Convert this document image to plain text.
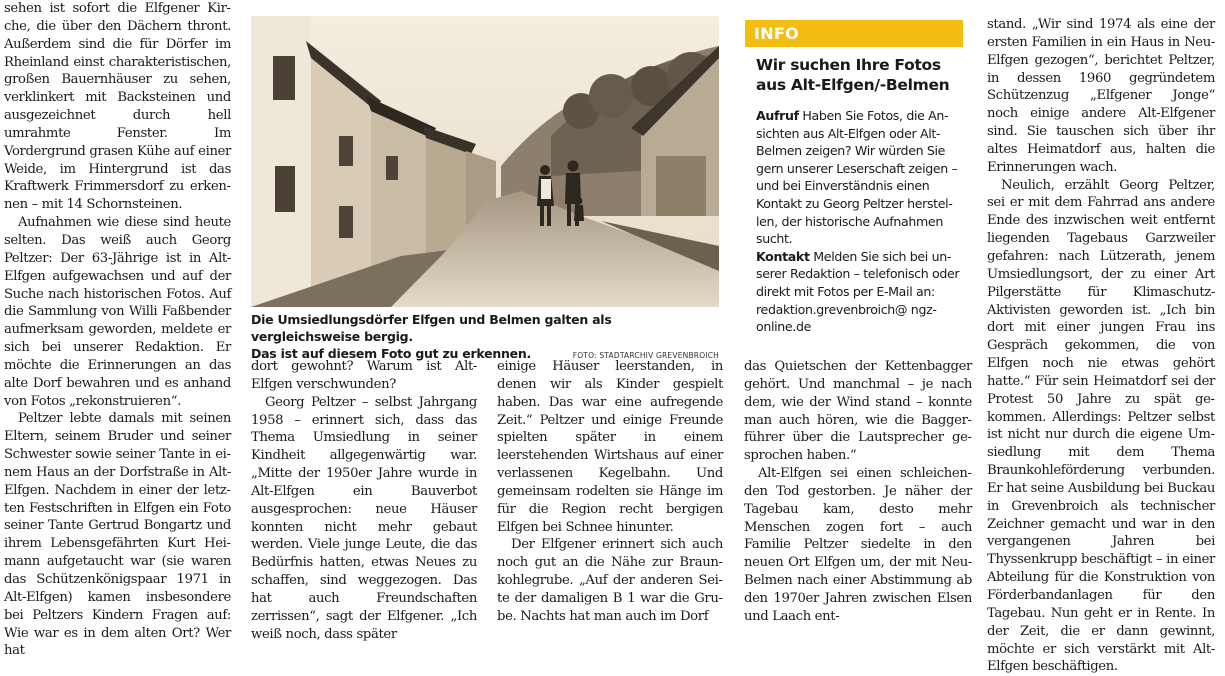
sehen ist sofort die Elfgener Kirche, die über den Dächern thront. Außerdem sind die für Dörfer im Rheinland einst charakteristischen, großen Bauernhäuser zu sehen, verklinkert mit Backsteinen und ausgezeichnet durch hell umrahmte Fenster. Im Vordergrund grasen Kühe auf einer Weide, im Hintergrund ist das Kraftwerk Frimmersdorf zu erkennen – mit 14 Schornsteinen.

Aufnahmen wie diese sind heute selten. Das weiß auch Georg Peltzer: Der 63-Jährige ist in Alt-Elfgen aufgewachsen und auf der Suche nach historischen Fotos. Auf die Sammlung von Willi Faßbender aufmerksam geworden, meldete er sich bei unserer Redaktion. Er möchte die Erinnerungen an das alte Dorf bewahren und es anhand von Fotos „rekonstruieren“.

Peltzer lebte damals mit seinen Eltern, seinem Bruder und seiner Schwester sowie seiner Tante in einem Haus an der Dorfstraße in Alt-Elfgen. Nachdem in einer der letzten Festschriften in Elfgen ein Foto seiner Tante Gertrud Bongartz und ihrem Lebensgefährten Kurt Heimann aufgetaucht war (sie waren das Schützenkönigspaar 1971 in Alt-Elfgen) kamen insbesondere bei Peltzers Kindern Fragen auf: Wie war es in dem alten Ort? Wer hat

Die Umsiedlungsdörfer Elfgen und Belmen galten als vergleichsweise bergig.
Das ist auf diesem Foto gut zu erkennen.	FOTO: STADTARCHIV GREVENBROICH
INFO
Wir suchen Ihre Fotos aus Alt-Elfgen/-Belmen

Aufruf Haben Sie Fotos, die Ansichten aus Alt-Elfgen oder Alt-Belmen zeigen? Wir würden Sie gern unserer Leserschaft zeigen – und bei Einverständnis einen Kontakt zu Georg Peltzer herstellen, der historische Aufnahmen sucht.

Kontakt Melden Sie sich bei unserer Redaktion – telefonisch oder direkt mit Fotos per E-Mail an: redaktion.grevenbroich@ ngz-online.de

dort gewohnt? Warum ist Alt-Elfgen verschwunden?

Georg Peltzer – selbst Jahrgang 1958 – erinnert sich, dass das Thema Umsiedlung in seiner Kindheit allgegenwärtig war. „Mitte der 1950er Jahre wurde in Alt-Elfgen ein Bauverbot ausgesprochen: neue Häuser konnten nicht mehr gebaut werden. Viele junge Leute, die das Bedürfnis hatten, etwas Neues zu schaffen, sind weggezogen. Das hat auch Freundschaften zerrissen“, sagt der Elfgener. „Ich weiß noch, dass später

einige Häuser leerstanden, in denen wir als Kinder gespielt haben. Das war eine aufregende Zeit.“ Peltzer und einige Freunde spielten später in einem leerstehenden Wirtshaus auf einer verlassenen Kegelbahn. Und gemeinsam rodelten sie Hänge im für die Region recht bergigen Elfgen bei Schnee hinunter.

Der Elfgener erinnert sich auch noch gut an die Nähe zur Braunkohlegrube. „Auf der anderen Seite der damaligen B 1 war die Grube. Nachts hat man auch im Dorf

das Quietschen der Kettenbagger gehört. Und manchmal – je nach dem, wie der Wind stand – konnte man auch hören, wie die Baggerführer über die Lautsprecher gesprochen haben.“

Alt-Elfgen sei einen schleichenden Tod gestorben. Je näher der Tagebau kam, desto mehr Menschen zogen fort – auch Familie Peltzer siedelte in den neuen Ort Elfgen um, der mit Neu-Belmen nach einer Abstimmung ab den 1970er Jahren zwischen Elsen und Laach ent-

stand. „Wir sind 1974 als eine der ersten Familien in ein Haus in Neu-Elfgen gezogen“, berichtet Peltzer, in dessen 1960 gegründetem Schützenzug „Elfgener Jonge“ noch einige andere Alt-Elfgener sind. Sie tauschen sich über ihr altes Heimatdorf aus, halten die Erinnerungen wach.

Neulich, erzählt Georg Peltzer, sei er mit dem Fahrrad ans andere Ende des inzwischen weit entfernt liegenden Tagebaus Garzweiler gefahren: nach Lützerath, jenem Umsiedlungsort, der zu einer Art Pilgerstätte für Klimaschutz-Aktivisten geworden ist. „Ich bin dort mit einer jungen Frau ins Gespräch gekommen, die von Elfgen noch nie etwas gehört hatte.“ Für sein Heimatdorf sei der Protest 50 Jahre zu spät gekommen. Allerdings: Peltzer selbst ist nicht nur durch die eigene Umsiedlung mit dem Thema Braunkohleförderung verbunden. Er hat seine Ausbildung bei Buckau in Grevenbroich als technischer Zeichner gemacht und war in den vergangenen Jahren bei Thyssenkrupp beschäftigt – in einer Abteilung für die Konstruktion von Förderbandanlagen für den Tagebau. Nun geht er in Rente. In der Zeit, die er dann gewinnt, möchte er sich verstärkt mit Alt-Elfgen beschäftigen.
